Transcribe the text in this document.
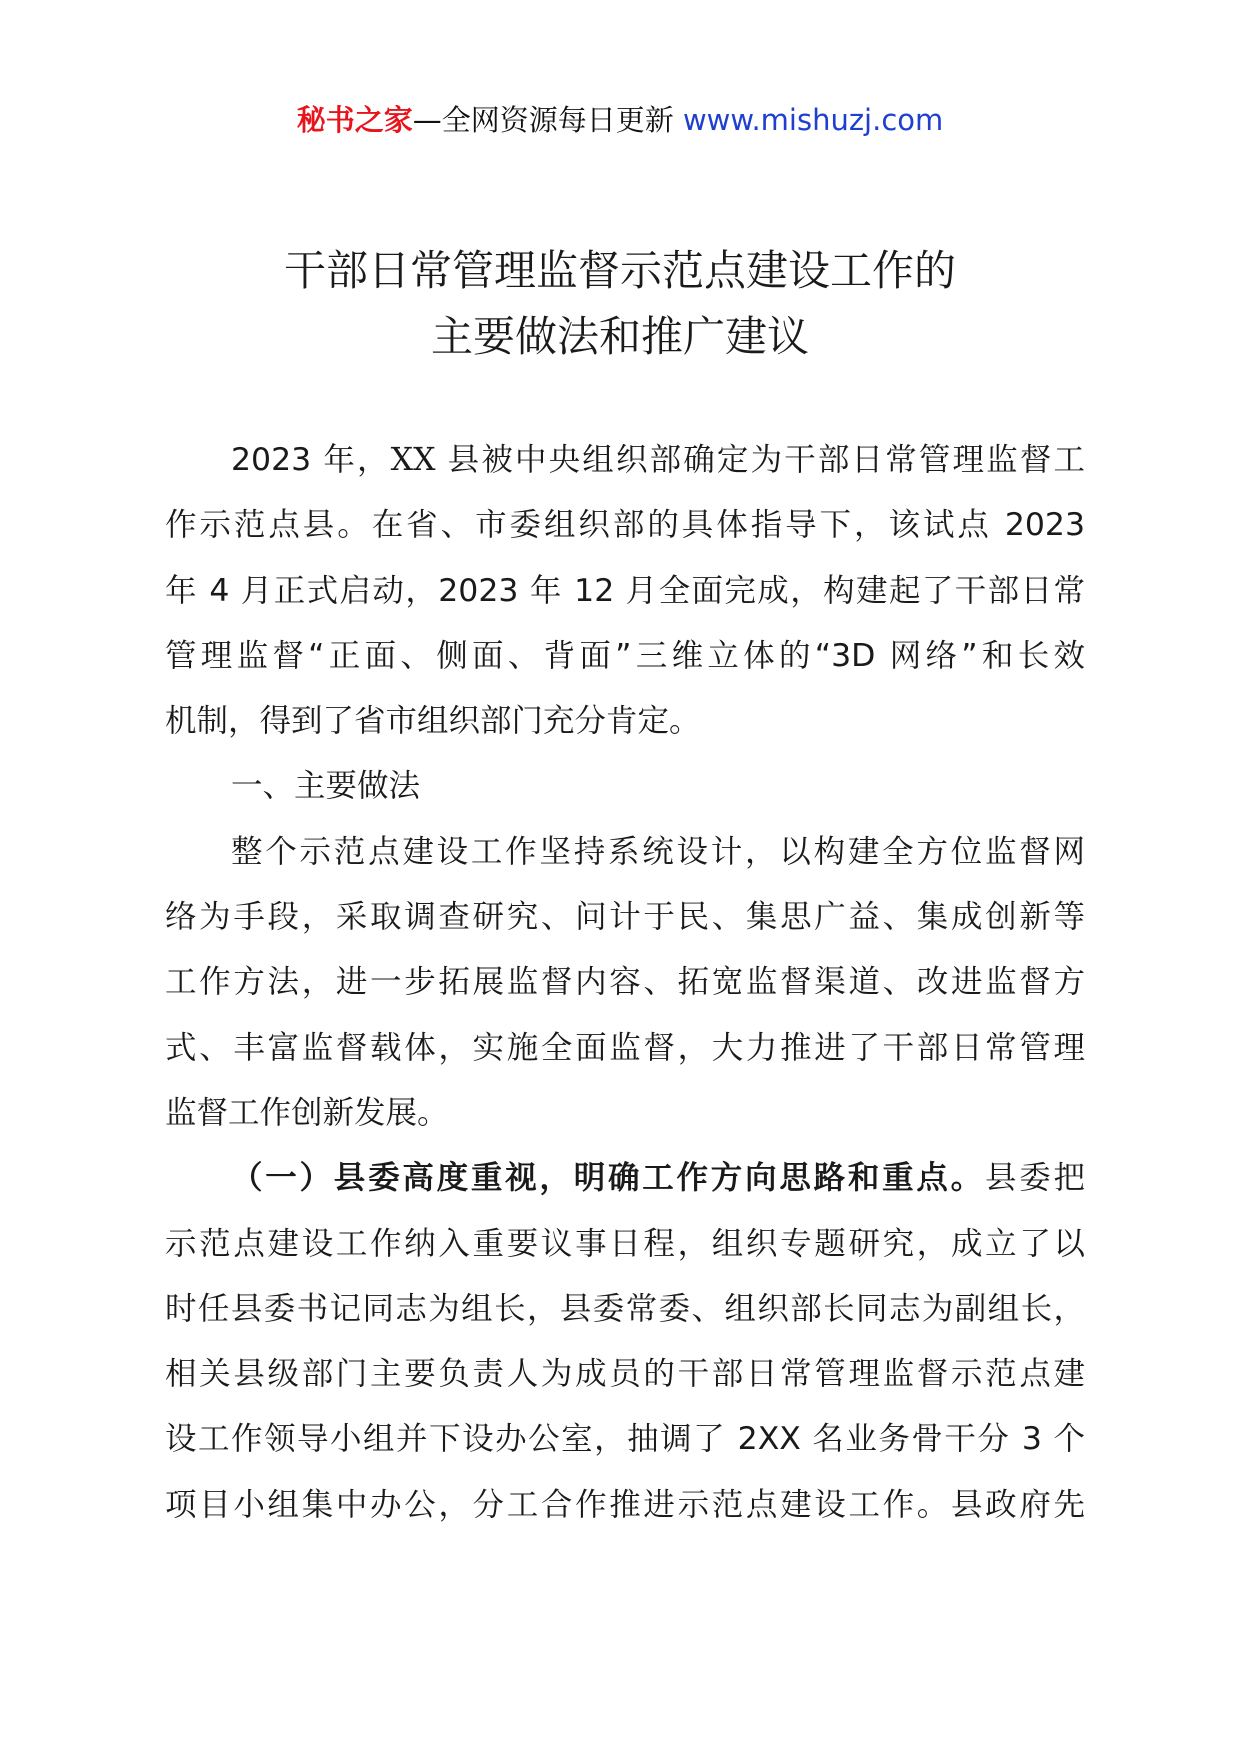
秘书之家—全网资源每日更新 www.mishuzj.com
干部日常管理监督示范点建设工作的
主要做法和推广建议
2023 年，XX 县被中央组织部确定为干部日常管理监督工
作示范点县。在省、市委组织部的具体指导下，该试点 2023
年 4 月正式启动，2023 年 12 月全面完成，构建起了干部日常
管理监督“正面、侧面、背面”三维立体的“3D 网络”和长效
机制，得到了省市组织部门充分肯定。
一、主要做法
整个示范点建设工作坚持系统设计，以构建全方位监督网
络为手段，采取调查研究、问计于民、集思广益、集成创新等
工作方法，进一步拓展监督内容、拓宽监督渠道、改进监督方
式、丰富监督载体，实施全面监督，大力推进了干部日常管理
监督工作创新发展。
（一）县委高度重视，明确工作方向思路和重点。县委把
示范点建设工作纳入重要议事日程，组织专题研究，成立了以
时任县委书记同志为组长，县委常委、组织部长同志为副组长，
相关县级部门主要负责人为成员的干部日常管理监督示范点建
设工作领导小组并下设办公室，抽调了 2XX 名业务骨干分 3 个
项目小组集中办公，分工合作推进示范点建设工作。县政府先
